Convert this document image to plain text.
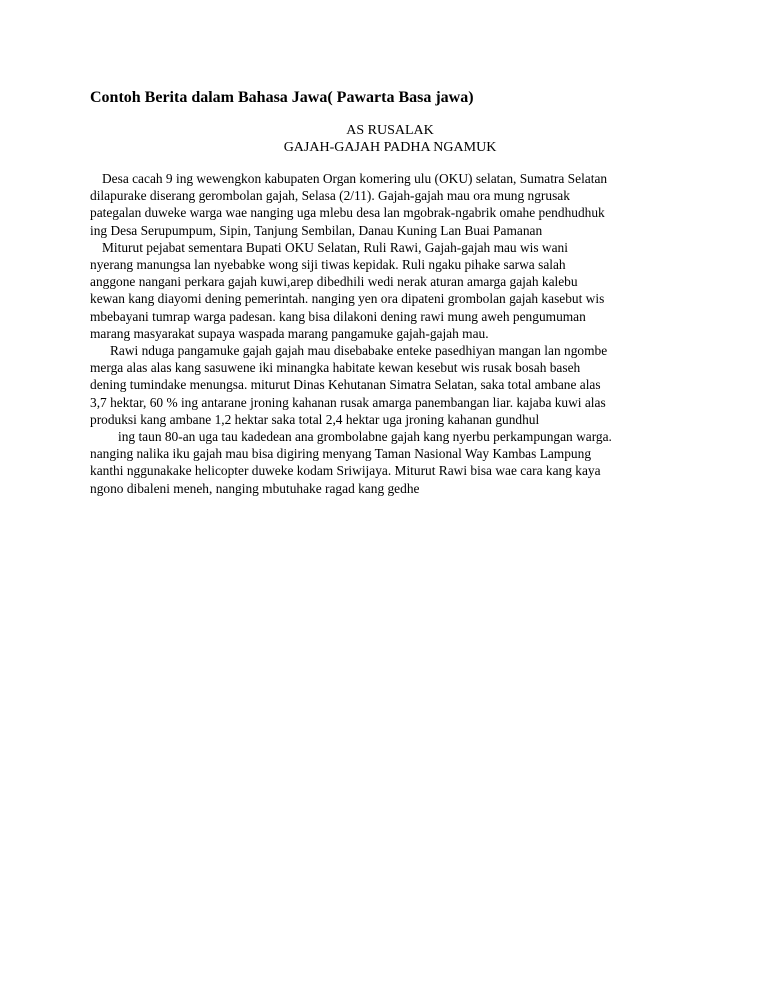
Contoh Berita dalam Bahasa Jawa( Pawarta Basa jawa)
AS RUSALAK
GAJAH-GAJAH PADHA NGAMUK
Desa cacah 9 ing wewengkon kabupaten Organ komering ulu (OKU) selatan, Sumatra Selatan
dilapurake diserang gerombolan gajah, Selasa (2/11). Gajah-gajah mau ora mung ngrusak
pategalan duweke warga wae nanging uga mlebu desa lan mgobrak-ngabrik omahe pendhudhuk
ing Desa Serupumpum, Sipin, Tanjung Sembilan, Danau Kuning Lan Buai Pamanan
Miturut pejabat sementara Bupati OKU Selatan, Ruli Rawi, Gajah-gajah mau wis wani
nyerang manungsa lan nyebabke wong siji tiwas kepidak. Ruli ngaku pihake sarwa salah
anggone nangani perkara gajah kuwi,arep dibedhili wedi nerak aturan amarga gajah kalebu
kewan kang diayomi dening pemerintah. nanging yen ora dipateni grombolan gajah kasebut wis
mbebayani tumrap warga padesan. kang bisa dilakoni dening rawi mung aweh pengumuman
marang masyarakat supaya waspada marang pangamuke gajah-gajah mau.
Rawi nduga pangamuke gajah gajah mau disebabake enteke pasedhiyan mangan lan ngombe
merga alas alas kang sasuwene iki minangka habitate kewan kesebut wis rusak bosah baseh
dening tumindake menungsa. miturut Dinas Kehutanan Simatra Selatan, saka total ambane alas
3,7 hektar, 60 % ing antarane jroning kahanan rusak amarga panembangan liar. kajaba kuwi alas
produksi kang ambane 1,2 hektar saka total 2,4 hektar uga jroning kahanan gundhul
ing taun 80-an uga tau kadedean ana grombolabne gajah kang nyerbu perkampungan warga.
nanging nalika iku gajah mau bisa digiring menyang Taman Nasional Way Kambas Lampung
kanthi nggunakake helicopter duweke kodam Sriwijaya. Miturut Rawi bisa wae cara kang kaya
ngono dibaleni meneh, nanging mbutuhake ragad kang gedhe
